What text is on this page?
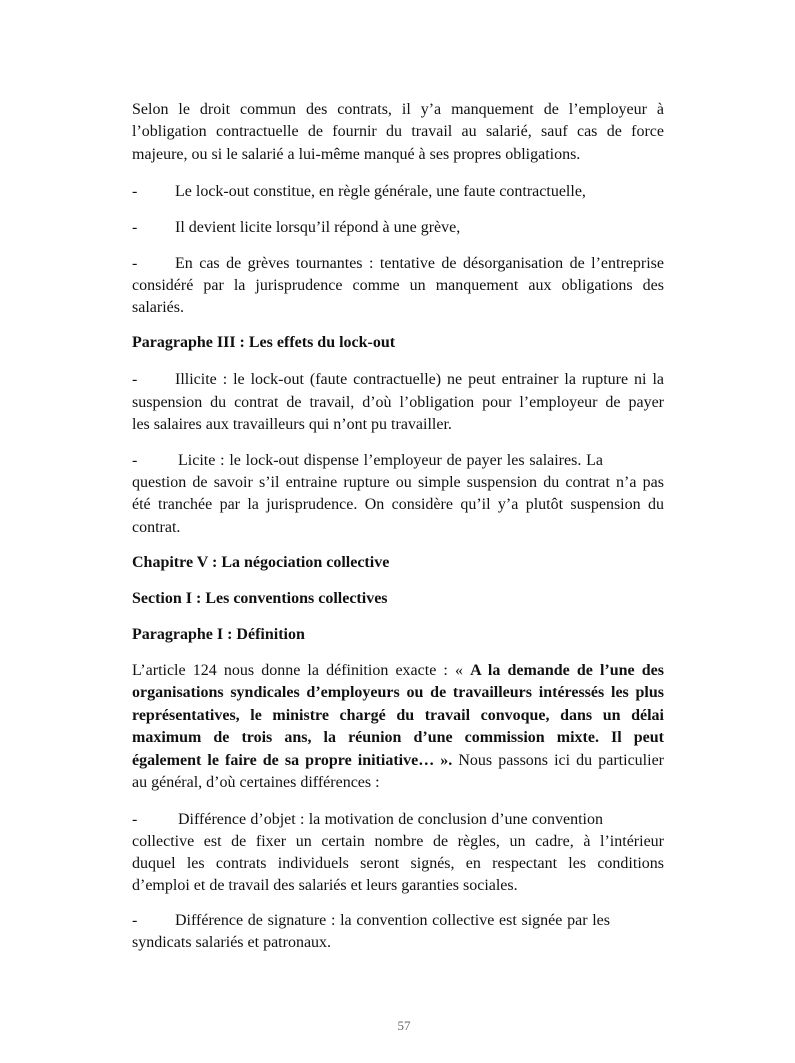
Selon le droit commun des contrats, il y’a manquement de l’employeur à
l’obligation contractuelle de fournir du travail au salarié, sauf cas de force
majeure, ou si le salarié a lui-même manqué à ses propres obligations.
- Le lock-out constitue, en règle générale, une faute contractuelle,
- Il devient licite lorsqu’il répond à une grève,
- En cas de grèves tournantes : tentative de désorganisation de l’entreprise
considéré par la jurisprudence comme un manquement aux obligations des
salariés.
Paragraphe III : Les effets du lock-out
- Illicite : le lock-out (faute contractuelle) ne peut entrainer la rupture ni la
suspension du contrat de travail, d’où l’obligation pour l’employeur de payer
les salaires aux travailleurs qui n’ont pu travailler.
-	Licite : le lock-out dispense l’employeur de payer les salaires. La
question de savoir s’il entraine rupture ou simple suspension du contrat n’a pas
été tranchée par la jurisprudence. On considère qu’il y’a plutôt suspension du
contrat.
Chapitre V : La négociation collective
Section I : Les conventions collectives
Paragraphe I : Définition
L’article 124 nous donne la définition exacte : « A la demande de l’une des
organisations syndicales d’employeurs ou de travailleurs intéressés les plus
représentatives, le ministre chargé du travail convoque, dans un délai
maximum de trois ans, la réunion d’une commission mixte. Il peut
également le faire de sa propre initiative… ». Nous passons ici du particulier
au général, d’où certaines différences :
-	Différence d’objet : la motivation de conclusion d’une convention
collective est de fixer un certain nombre de règles, un cadre, à l’intérieur
duquel les contrats individuels seront signés, en respectant les conditions
d’emploi et de travail des salariés et leurs garanties sociales.
- Différence de signature : la convention collective est signée par les
syndicats salariés et patronaux.
57
